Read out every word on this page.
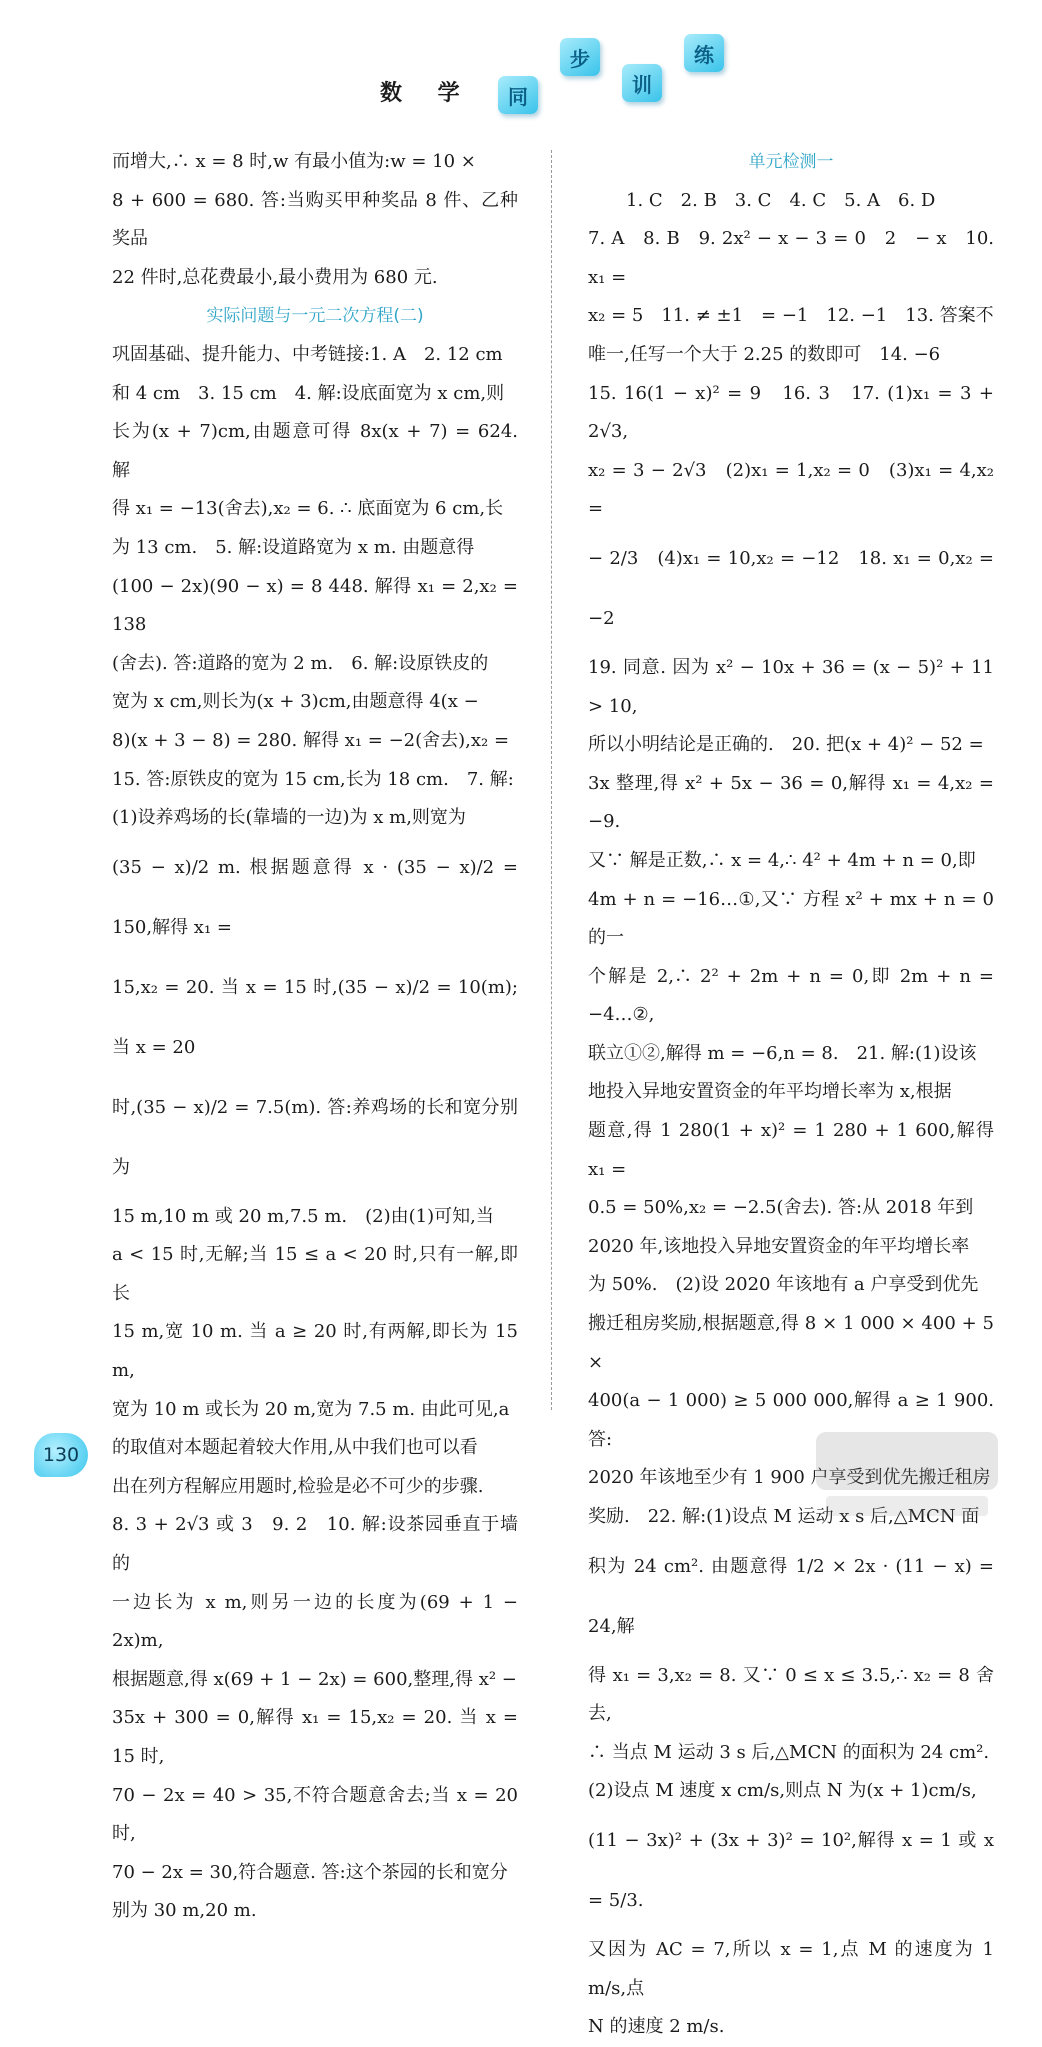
数 学	同
步
训
练
而增大,∴ x = 8 时,w 有最小值为:w = 10 ×
8 + 600 = 680. 答:当购买甲种奖品 8 件、乙种奖品
22 件时,总花费最小,最小费用为 680 元.
实际问题与一元二次方程(二)
巩固基础、提升能力、中考链接:1. A　2. 12 cm
和 4 cm　3. 15 cm　4. 解:设底面宽为 x cm,则
长为(x + 7)cm,由题意可得 8x(x + 7) = 624.　解
得 x₁ = −13(舍去),x₂ = 6. ∴ 底面宽为 6 cm,长
为 13 cm.　5. 解:设道路宽为 x m. 由题意得
(100 − 2x)(90 − x) = 8 448. 解得 x₁ = 2,x₂ = 138
(舍去). 答:道路的宽为 2 m.　6. 解:设原铁皮的
宽为 x cm,则长为(x + 3)cm,由题意得 4(x −
8)(x + 3 − 8) = 280. 解得 x₁ = −2(舍去),x₂ =
15. 答:原铁皮的宽为 15 cm,长为 18 cm.　7. 解:
(1)设养鸡场的长(靠墙的一边)为 x m,则宽为
(35 − x)/2 m. 根据题意得 x · (35 − x)/2 = 150,解得 x₁ =
15,x₂ = 20. 当 x = 15 时,(35 − x)/2 = 10(m);当 x = 20
时,(35 − x)/2 = 7.5(m). 答:养鸡场的长和宽分别为
15 m,10 m 或 20 m,7.5 m.　(2)由(1)可知,当
a < 15 时,无解;当 15 ≤ a < 20 时,只有一解,即长
15 m,宽 10 m. 当 a ≥ 20 时,有两解,即长为 15 m,
宽为 10 m 或长为 20 m,宽为 7.5 m. 由此可见,a
的取值对本题起着较大作用,从中我们也可以看
出在列方程解应用题时,检验是必不可少的步骤.
8. 3 + 2√3 或 3　9. 2　10. 解:设茶园垂直于墙的
一边长为 x m,则另一边的长度为(69 + 1 − 2x)m,
根据题意,得 x(69 + 1 − 2x) = 600,整理,得 x² −
35x + 300 = 0,解得 x₁ = 15,x₂ = 20. 当 x = 15 时,
70 − 2x = 40 > 35,不符合题意舍去;当 x = 20 时,
70 − 2x = 30,符合题意. 答:这个茶园的长和宽分
别为 30 m,20 m.
单元检测一
1. C　2. B　3. C　4. C　5. A　6. D
7. A　8. B　9. 2x² − x − 3 = 0　2　− x　10. x₁ =
x₂ = 5　11. ≠ ±1　= −1　12. −1　13. 答案不
唯一,任写一个大于 2.25 的数即可　14. −6
15. 16(1 − x)² = 9　16. 3　17. (1)x₁ = 3 + 2√3,
x₂ = 3 − 2√3　(2)x₁ = 1,x₂ = 0　(3)x₁ = 4,x₂ =
− 2/3　(4)x₁ = 10,x₂ = −12　18. x₁ = 0,x₂ = −2
19. 同意. 因为 x² − 10x + 36 = (x − 5)² + 11 > 10,
所以小明结论是正确的.　20. 把(x + 4)² − 52 =
3x 整理,得 x² + 5x − 36 = 0,解得 x₁ = 4,x₂ = −9.
又∵ 解是正数,∴ x = 4,∴ 4² + 4m + n = 0,即
4m + n = −16…①,又∵ 方程 x² + mx + n = 0 的一
个解是 2,∴ 2² + 2m + n = 0,即 2m + n = −4…②,
联立①②,解得 m = −6,n = 8.　21. 解:(1)设该
地投入异地安置资金的年平均增长率为 x,根据
题意,得 1 280(1 + x)² = 1 280 + 1 600,解得 x₁ =
0.5 = 50%,x₂ = −2.5(舍去). 答:从 2018 年到
2020 年,该地投入异地安置资金的年平均增长率
为 50%.　(2)设 2020 年该地有 a 户享受到优先
搬迁租房奖励,根据题意,得 8 × 1 000 × 400 + 5 ×
400(a − 1 000) ≥ 5 000 000,解得 a ≥ 1 900. 答:
2020 年该地至少有 1 900 户享受到优先搬迁租房
奖励.　22. 解:(1)设点 M 运动 x s 后,△MCN 面
积为 24 cm². 由题意得 1/2 × 2x · (11 − x) = 24,解
得 x₁ = 3,x₂ = 8. 又∵ 0 ≤ x ≤ 3.5,∴ x₂ = 8 舍去,
∴ 当点 M 运动 3 s 后,△MCN 的面积为 24 cm².
(2)设点 M 速度 x cm/s,则点 N 为(x + 1)cm/s,
(11 − 3x)² + (3x + 3)² = 10²,解得 x = 1 或 x = 5/3.
又因为 AC = 7,所以 x = 1,点 M 的速度为 1 m/s,点
N 的速度 2 m/s.
130
